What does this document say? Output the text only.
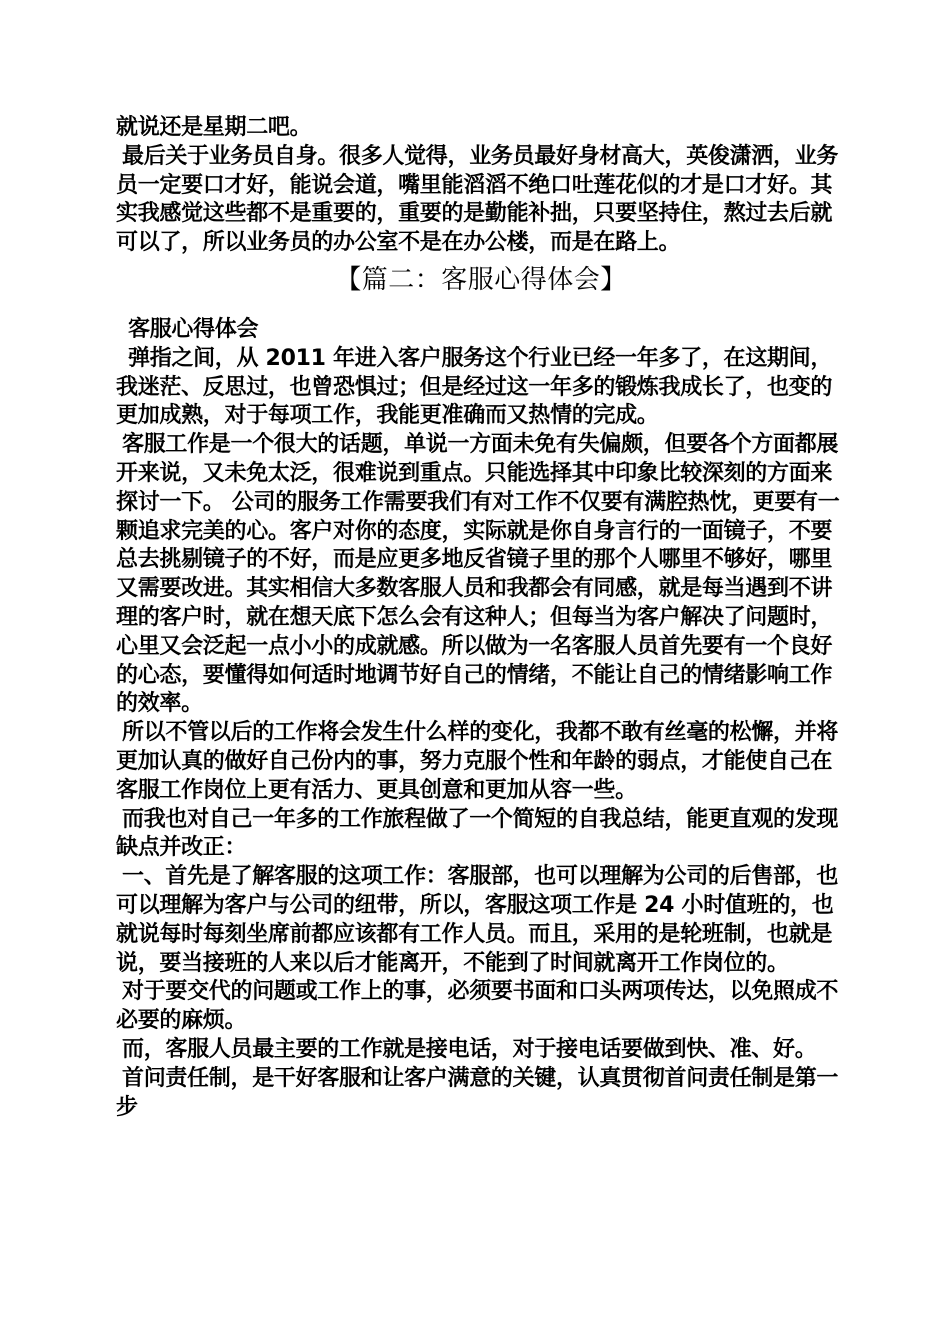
就说还是星期二吧。

最后关于业务员自身。很多人觉得，业务员最好身材高大，英俊潇洒，业务员一定要口才好，能说会道，嘴里能滔滔不绝口吐莲花似的才是口才好。其实我感觉这些都不是重要的，重要的是勤能补拙，只要坚持住，熬过去后就可以了，所以业务员的办公室不是在办公楼，而是在路上。

【篇二：客服心得体会】

客服心得体会

弹指之间，从 2011 年进入客户服务这个行业已经一年多了，在这期间，我迷茫、反思过，也曾恐惧过；但是经过这一年多的锻炼我成长了，也变的更加成熟，对于每项工作，我能更准确而又热情的完成。

客服工作是一个很大的话题，单说一方面未免有失偏颇，但要各个方面都展开来说，又未免太泛，很难说到重点。只能选择其中印象比较深刻的方面来探讨一下。 公司的服务工作需要我们有对工作不仅要有满腔热忱，更要有一颗追求完美的心。客户对你的态度，实际就是你自身言行的一面镜子，不要总去挑剔镜子的不好，而是应更多地反省镜子里的那个人哪里不够好，哪里又需要改进。其实相信大多数客服人员和我都会有同感，就是每当遇到不讲理的客户时，就在想天底下怎么会有这种人；但每当为客户解决了问题时，心里又会泛起一点小小的成就感。所以做为一名客服人员首先要有一个良好的心态，要懂得如何适时地调节好自己的情绪，不能让自己的情绪影响工作的效率。

所以不管以后的工作将会发生什么样的变化，我都不敢有丝毫的松懈，并将更加认真的做好自己份内的事，努力克服个性和年龄的弱点，才能使自己在客服工作岗位上更有活力、更具创意和更加从容一些。

而我也对自己一年多的工作旅程做了一个简短的自我总结，能更直观的发现缺点并改正：

一、首先是了解客服的这项工作：客服部，也可以理解为公司的后售部，也可以理解为客户与公司的纽带，所以，客服这项工作是 24 小时值班的，也就说每时每刻坐席前都应该都有工作人员。而且，采用的是轮班制，也就是说，要当接班的人来以后才能离开，不能到了时间就离开工作岗位的。

对于要交代的问题或工作上的事，必须要书面和口头两项传达，以免照成不必要的麻烦。

而，客服人员最主要的工作就是接电话，对于接电话要做到快、准、好。

首问责任制，是干好客服和让客户满意的关键，认真贯彻首问责任制是第一步
